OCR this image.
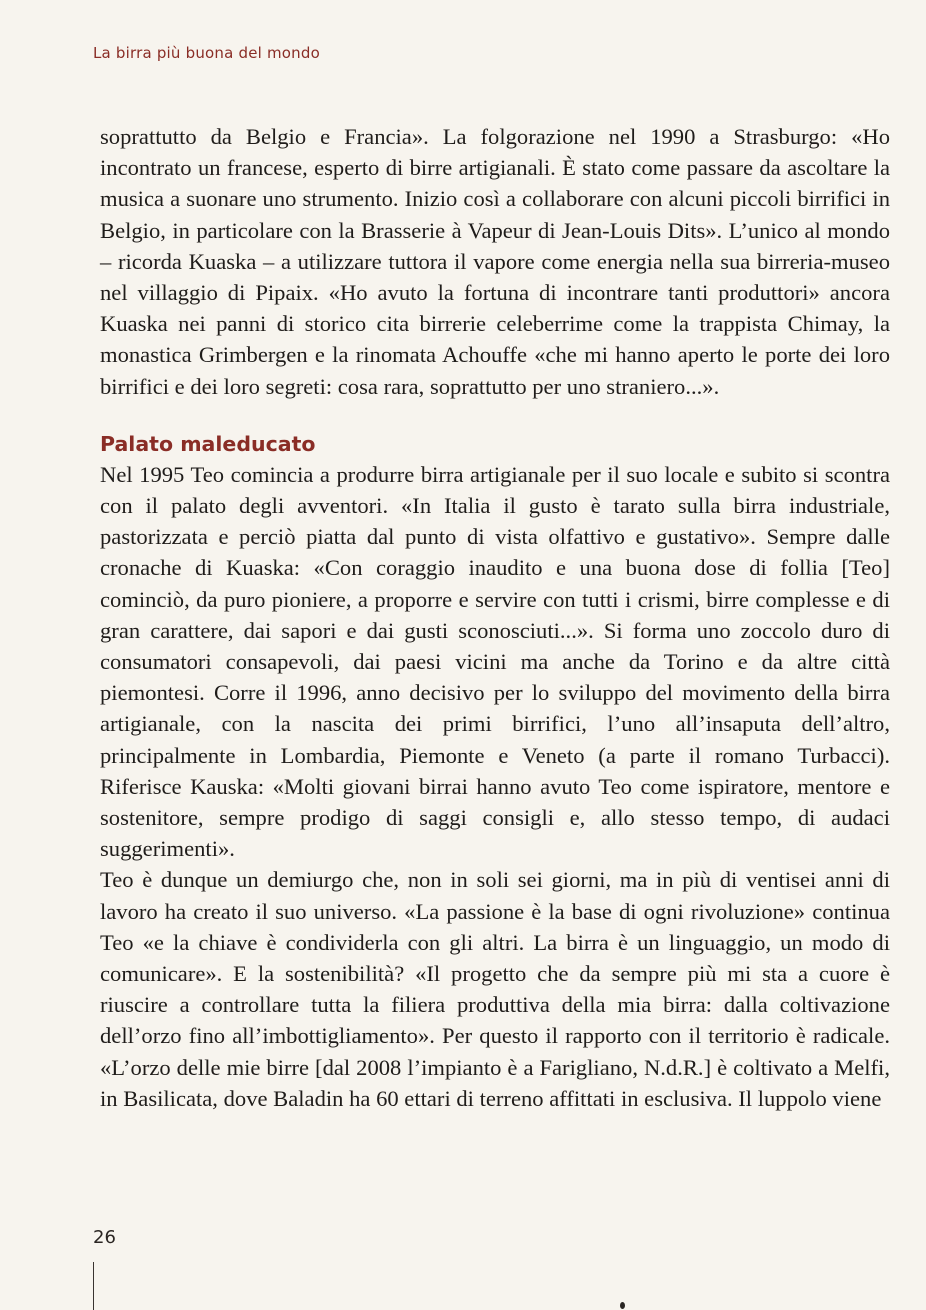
La birra più buona del mondo

soprattutto da Belgio e Francia». La folgorazione nel 1990 a Strasburgo: «Ho incontrato un francese, esperto di birre artigianali. È stato come passare da ascoltare la musica a suonare uno strumento. Inizio così a collaborare con alcuni piccoli birrifici in Belgio, in particolare con la Brasserie à Vapeur di Jean-Louis Dits». L’unico al mondo – ricorda Kuaska – a utilizzare tuttora il vapore come energia nella sua birreria-museo nel villaggio di Pipaix. «Ho avuto la fortuna di incontrare tanti produttori» ancora Kuaska nei panni di storico cita birrerie celeberrime come la trappista Chimay, la monastica Grimbergen e la rinomata Achouffe «che mi hanno aperto le porte dei loro birrifici e dei loro segreti: cosa rara, soprattutto per uno straniero...».

Palato maleducato

Nel 1995 Teo comincia a produrre birra artigianale per il suo locale e subito si scontra con il palato degli avventori. «In Italia il gusto è tarato sulla birra industriale, pastorizzata e perciò piatta dal punto di vista olfattivo e gustativo». Sempre dalle cronache di Kuaska: «Con coraggio inaudito e una buona dose di follia [Teo] cominciò, da puro pioniere, a proporre e servire con tutti i crismi, birre complesse e di gran carattere, dai sapori e dai gusti sconosciuti...». Si forma uno zoccolo duro di consumatori consapevoli, dai paesi vicini ma anche da Torino e da altre città piemontesi. Corre il 1996, anno decisivo per lo sviluppo del movimento della birra artigianale, con la nascita dei primi birrifici, l’uno all’insaputa dell’altro, principalmente in Lombardia, Piemonte e Veneto (a parte il romano Turbacci). Riferisce Kauska: «Molti giovani birrai hanno avuto Teo come ispiratore, mentore e sostenitore, sempre prodigo di saggi consigli e, allo stesso tempo, di audaci suggerimenti».

Teo è dunque un demiurgo che, non in soli sei giorni, ma in più di ventisei anni di lavoro ha creato il suo universo. «La passione è la base di ogni rivoluzione» continua Teo «e la chiave è condividerla con gli altri. La birra è un linguaggio, un modo di comunicare». E la sostenibilità? «Il progetto che da sempre più mi sta a cuore è riuscire a controllare tutta la filiera produttiva della mia birra: dalla coltivazione dell’orzo fino all’imbottigliamento». Per questo il rapporto con il territorio è radicale. «L’orzo delle mie birre [dal 2008 l’impianto è a Farigliano, N.d.R.] è coltivato a Melfi, in Basilicata, dove Baladin ha 60 ettari di terreno affittati in esclusiva. Il luppolo viene

26
